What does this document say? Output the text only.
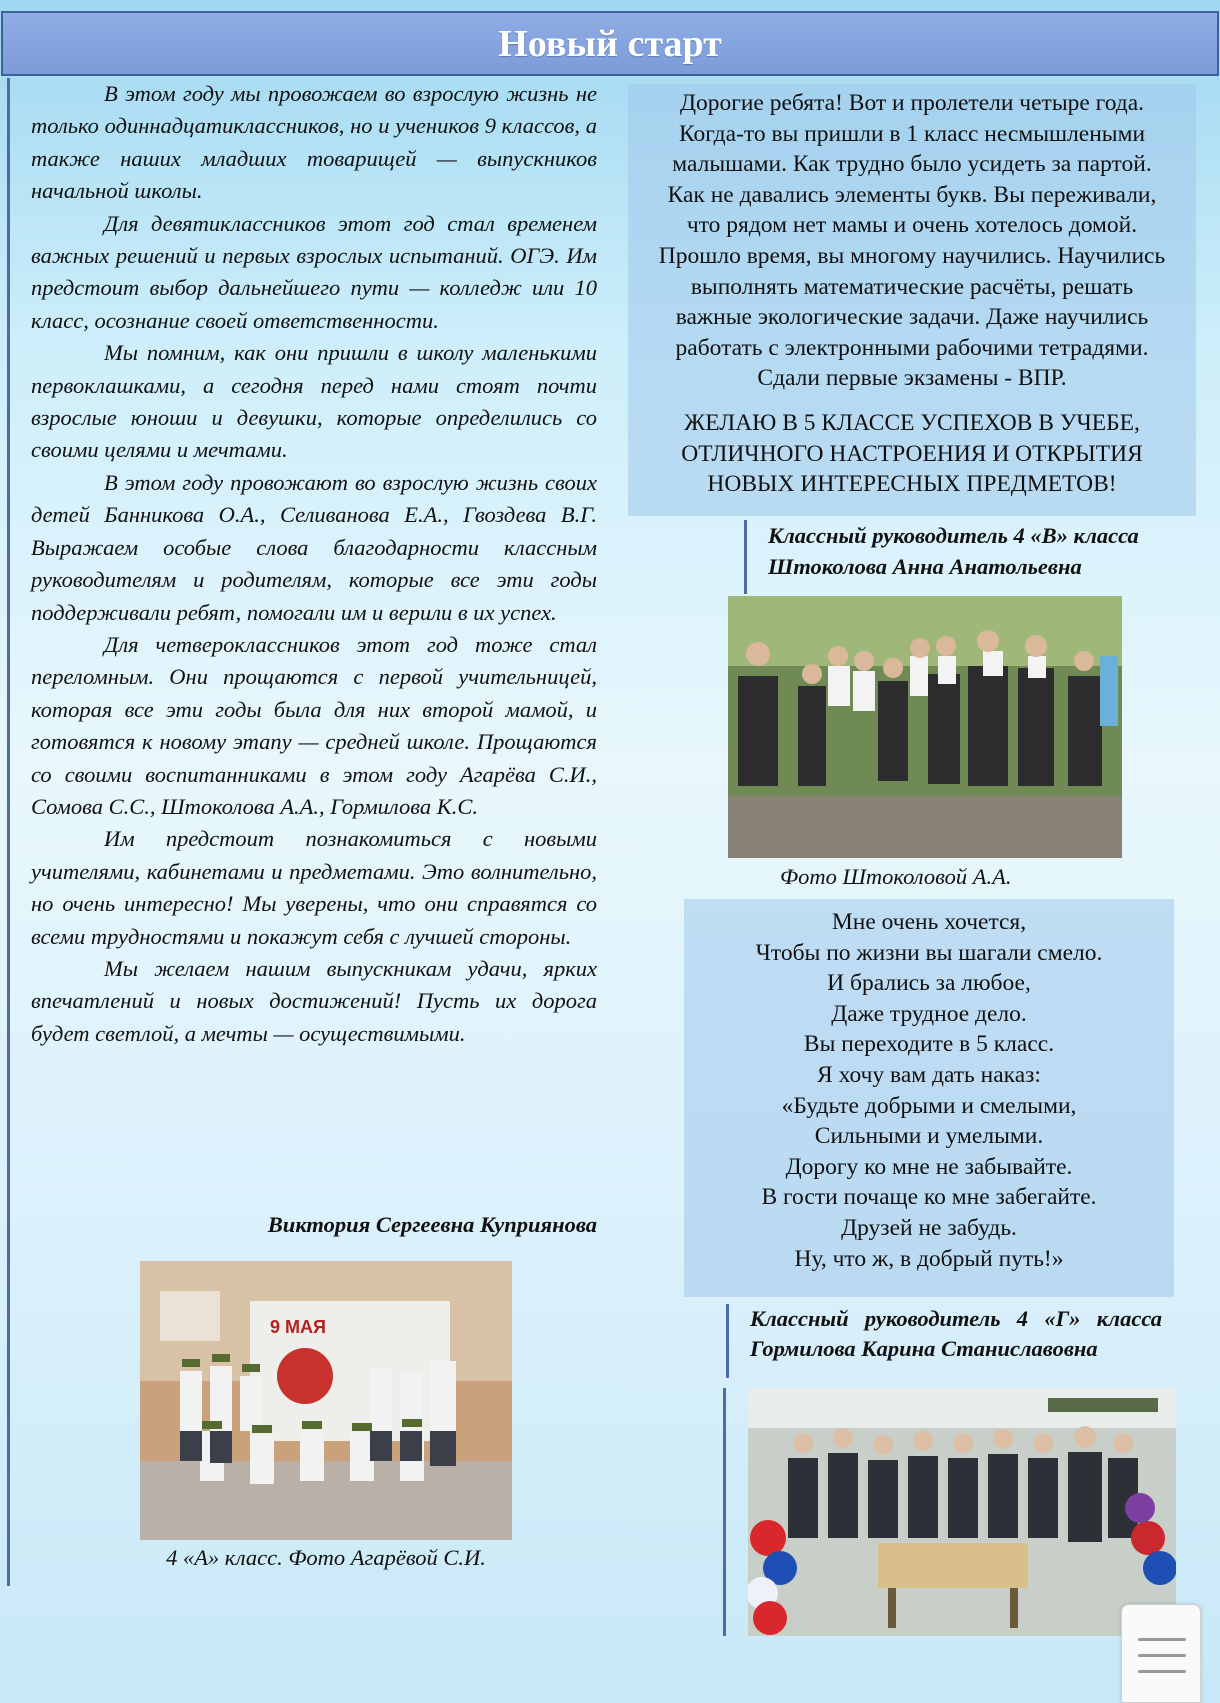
Новый старт

В этом году мы провожаем во взрослую жизнь не только одиннадцатиклассников, но и учеников 9 классов, а также наших младших товарищей — выпускников начальной школы.

Для девятиклассников этот год стал временем важных решений и первых взрослых испытаний. ОГЭ. Им предстоит выбор дальнейшего пути — колледж или 10 класс, осознание своей ответственности.

Мы помним, как они пришли в школу маленькими первоклашками, а сегодня перед нами стоят почти взрослые юноши и девушки, которые определились со своими целями и мечтами.

В этом году провожают во взрослую жизнь своих детей Банникова О.А., Селиванова Е.А., Гвоздева В.Г. Выражаем особые слова благодарности классным руководителям и родителям, которые все эти годы поддерживали ребят, помогали им и верили в их успех.

Для четвероклассников этот год тоже стал переломным. Они прощаются с первой учительницей, которая все эти годы была для них второй мамой, и готовятся к новому этапу — средней школе. Прощаются со своими воспитанниками в этом году Агарёва С.И., Сомова С.С., Штоколова А.А., Гормилова К.С.

Им предстоит познакомиться с новыми учителями, кабинетами и предметами. Это волнительно, но очень интересно! Мы уверены, что они справятся со всеми трудностями и покажут себя с лучшей стороны.

Мы желаем нашим выпускникам удачи, ярких впечатлений и новых достижений! Пусть их дорога будет светлой, а мечты — осуществимыми.

Виктория Сергеевна Куприянова
9 МАЯ
4 «А» класс. Фото Агарёвой С.И.

Дорогие ребята! Вот и пролетели четыре года.

Когда-то вы пришли в 1 класс несмышлеными

малышами. Как трудно было усидеть за партой.

Как не давались элементы букв. Вы переживали,

что рядом нет мамы и очень хотелось домой.

Прошло время, вы многому научились. Научились

выполнять математические расчёты, решать

важные экологические задачи. Даже научились

работать с электронными рабочими тетрадями.

Сдали первые экзамены - ВПР.

ЖЕЛАЮ В 5 КЛАССЕ УСПЕХОВ В УЧЕБЕ,

ОТЛИЧНОГО НАСТРОЕНИЯ И ОТКРЫТИЯ

НОВЫХ ИНТЕРЕСНЫХ ПРЕДМЕТОВ!

Классный руководитель 4 «В» класса
Штоколова Анна Анатольевна
Фото Штоколовой А.А.

Мне очень хочется,

Чтобы по жизни вы шагали смело.

И брались за любое,

Даже трудное дело.

Вы переходите в 5 класс.

Я хочу вам дать наказ:

«Будьте добрыми и смелыми,

Сильными и умелыми.

Дорогу ко мне не забывайте.

В гости почаще ко мне забегайте.

Друзей не забудь.

Ну, что ж, в добрый путь!»

Классный руководитель 4 «Г» класса
Гормилова Карина Станиславовна
